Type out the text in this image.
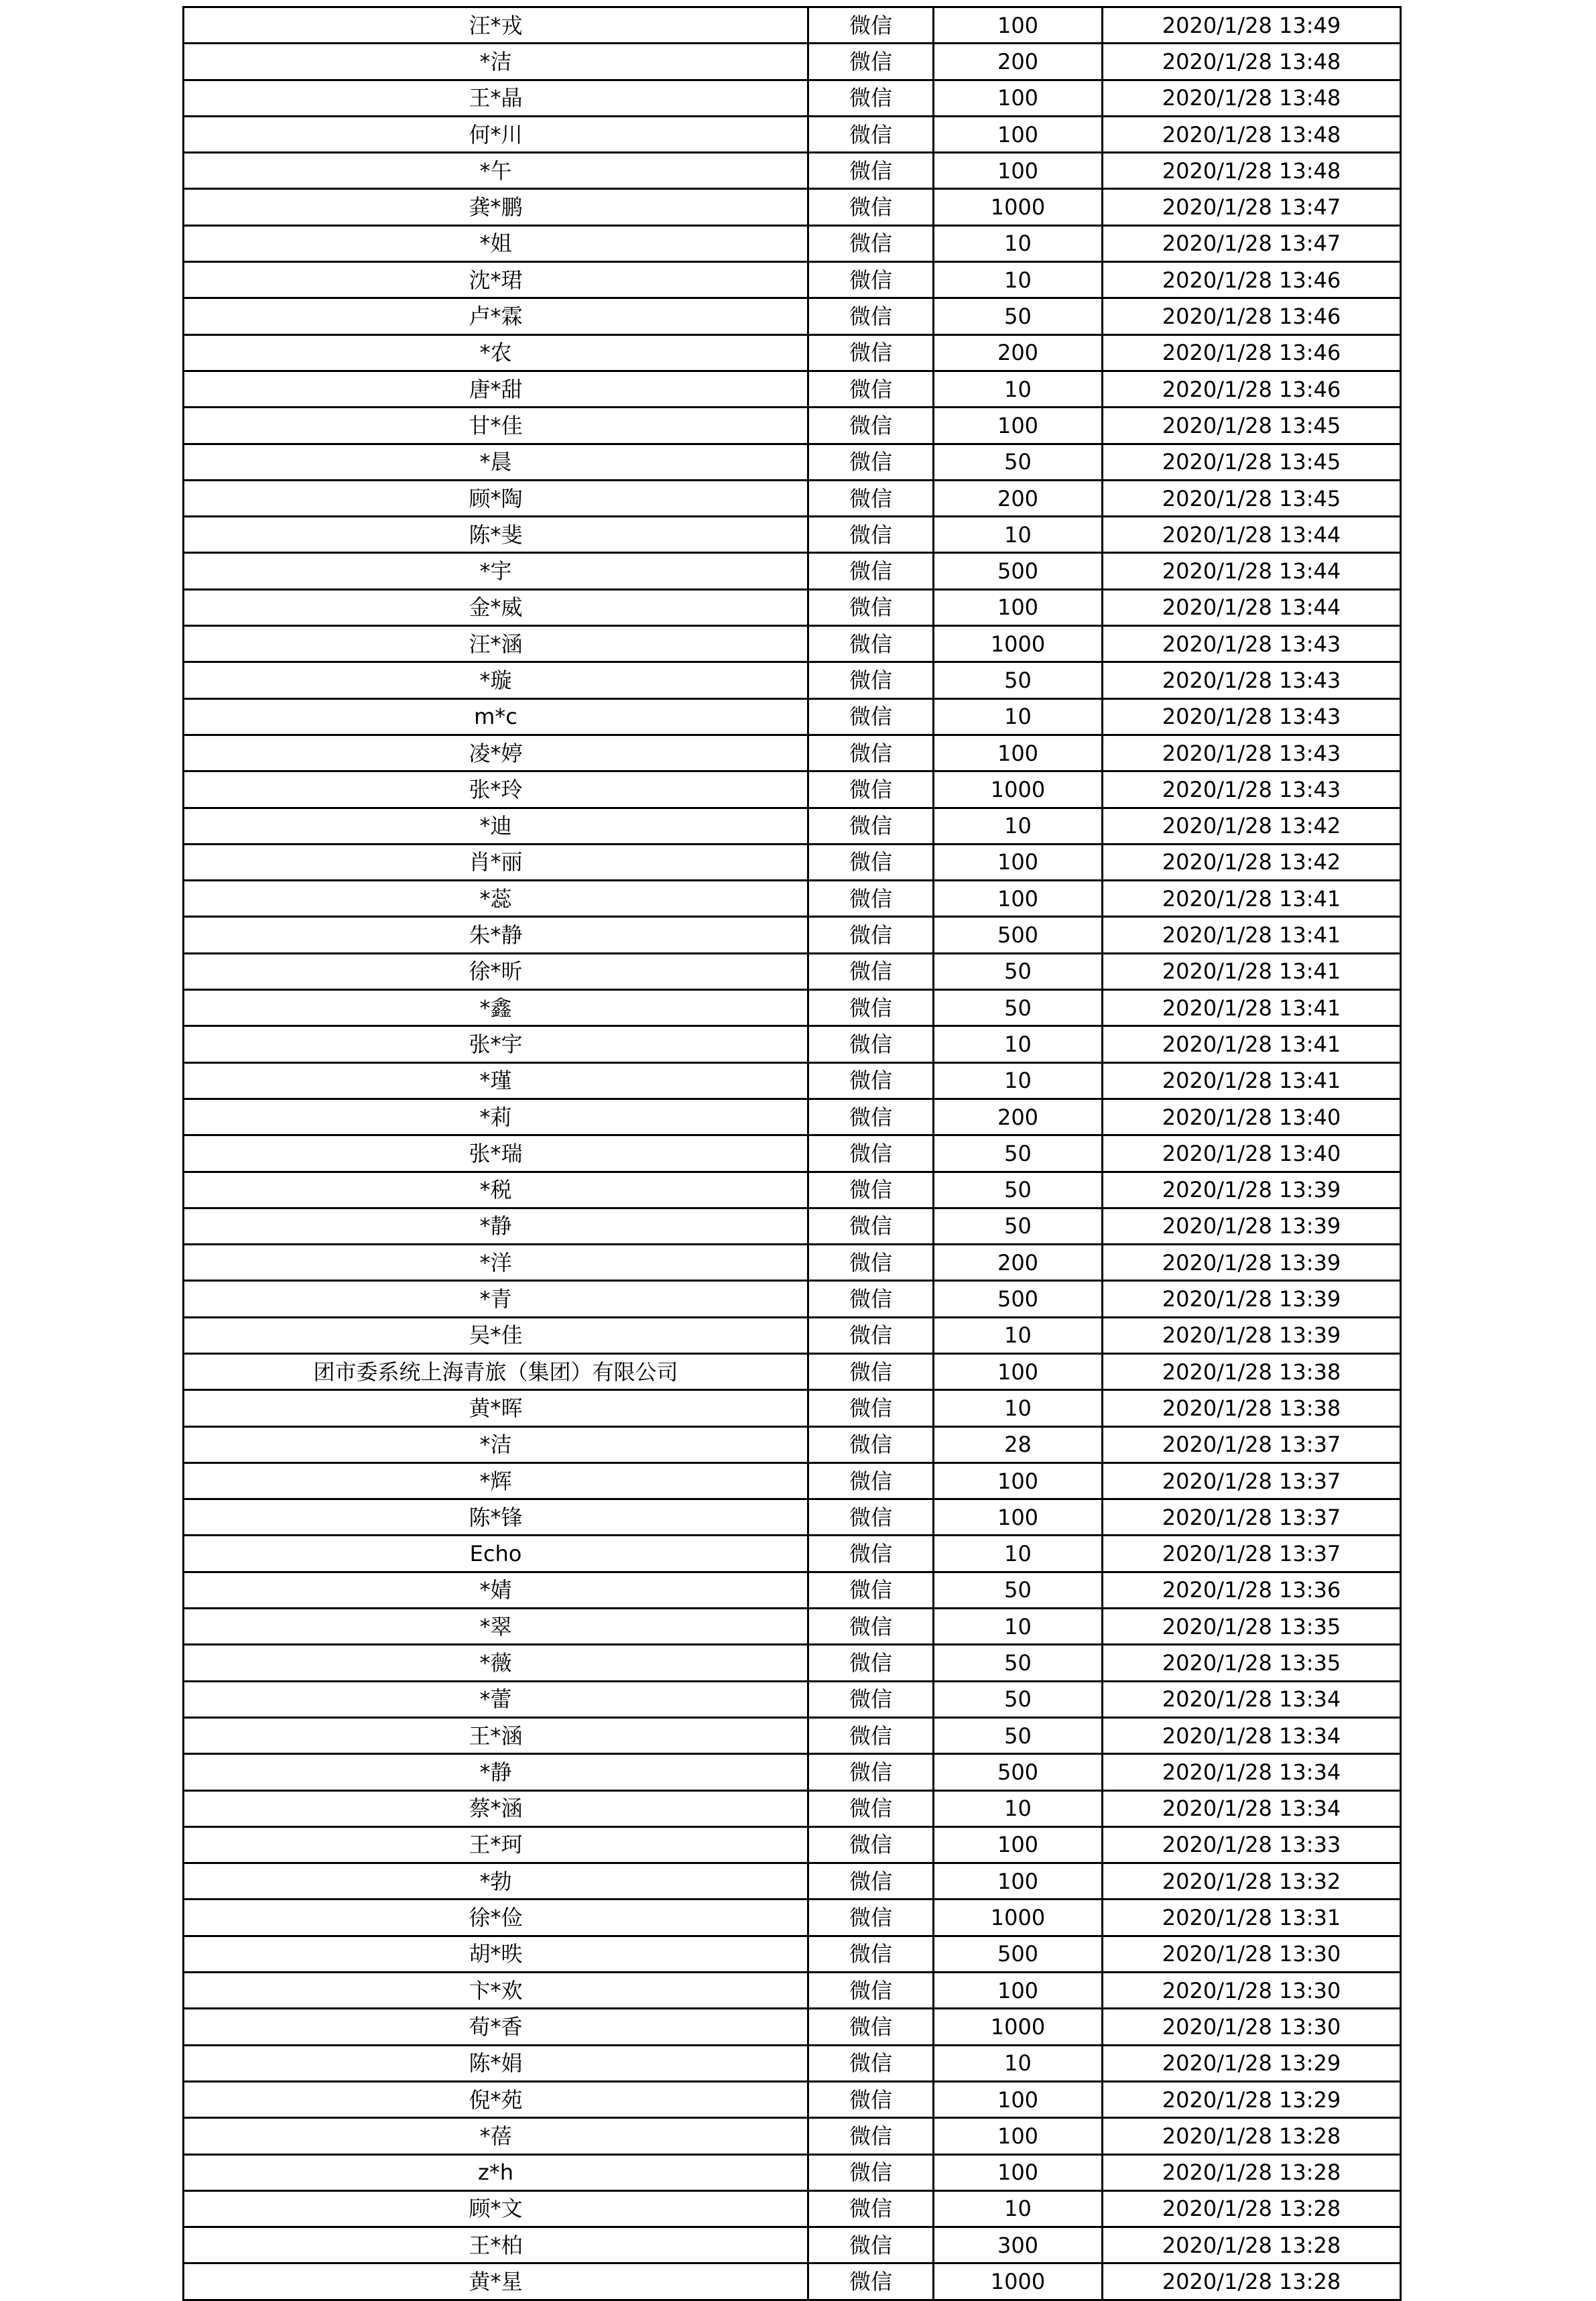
汪*戎	微信	100	2020/1/28 13:49
*洁	微信	200	2020/1/28 13:48
王*晶	微信	100	2020/1/28 13:48
何*川	微信	100	2020/1/28 13:48
*午	微信	100	2020/1/28 13:48
龚*鹏	微信	1000	2020/1/28 13:47
*姐	微信	10	2020/1/28 13:47
沈*珺	微信	10	2020/1/28 13:46
卢*霖	微信	50	2020/1/28 13:46
*农	微信	200	2020/1/28 13:46
唐*甜	微信	10	2020/1/28 13:46
甘*佳	微信	100	2020/1/28 13:45
*晨	微信	50	2020/1/28 13:45
顾*陶	微信	200	2020/1/28 13:45
陈*斐	微信	10	2020/1/28 13:44
*宇	微信	500	2020/1/28 13:44
金*威	微信	100	2020/1/28 13:44
汪*涵	微信	1000	2020/1/28 13:43
*璇	微信	50	2020/1/28 13:43
m*c	微信	10	2020/1/28 13:43
凌*婷	微信	100	2020/1/28 13:43
张*玲	微信	1000	2020/1/28 13:43
*迪	微信	10	2020/1/28 13:42
肖*丽	微信	100	2020/1/28 13:42
*蕊	微信	100	2020/1/28 13:41
朱*静	微信	500	2020/1/28 13:41
徐*昕	微信	50	2020/1/28 13:41
*鑫	微信	50	2020/1/28 13:41
张*宇	微信	10	2020/1/28 13:41
*瑾	微信	10	2020/1/28 13:41
*莉	微信	200	2020/1/28 13:40
张*瑞	微信	50	2020/1/28 13:40
*税	微信	50	2020/1/28 13:39
*静	微信	50	2020/1/28 13:39
*洋	微信	200	2020/1/28 13:39
*青	微信	500	2020/1/28 13:39
吴*佳	微信	10	2020/1/28 13:39
团市委系统上海青旅（集团）有限公司	微信	100	2020/1/28 13:38
黄*晖	微信	10	2020/1/28 13:38
*洁	微信	28	2020/1/28 13:37
*辉	微信	100	2020/1/28 13:37
陈*锋	微信	100	2020/1/28 13:37
Echo	微信	10	2020/1/28 13:37
*婧	微信	50	2020/1/28 13:36
*翠	微信	10	2020/1/28 13:35
*薇	微信	50	2020/1/28 13:35
*蕾	微信	50	2020/1/28 13:34
王*涵	微信	50	2020/1/28 13:34
*静	微信	500	2020/1/28 13:34
蔡*涵	微信	10	2020/1/28 13:34
王*珂	微信	100	2020/1/28 13:33
*勃	微信	100	2020/1/28 13:32
徐*俭	微信	1000	2020/1/28 13:31
胡*昳	微信	500	2020/1/28 13:30
卞*欢	微信	100	2020/1/28 13:30
荀*香	微信	1000	2020/1/28 13:30
陈*娟	微信	10	2020/1/28 13:29
倪*苑	微信	100	2020/1/28 13:29
*蓓	微信	100	2020/1/28 13:28
z*h	微信	100	2020/1/28 13:28
顾*文	微信	10	2020/1/28 13:28
王*柏	微信	300	2020/1/28 13:28
黄*星	微信	1000	2020/1/28 13:28
